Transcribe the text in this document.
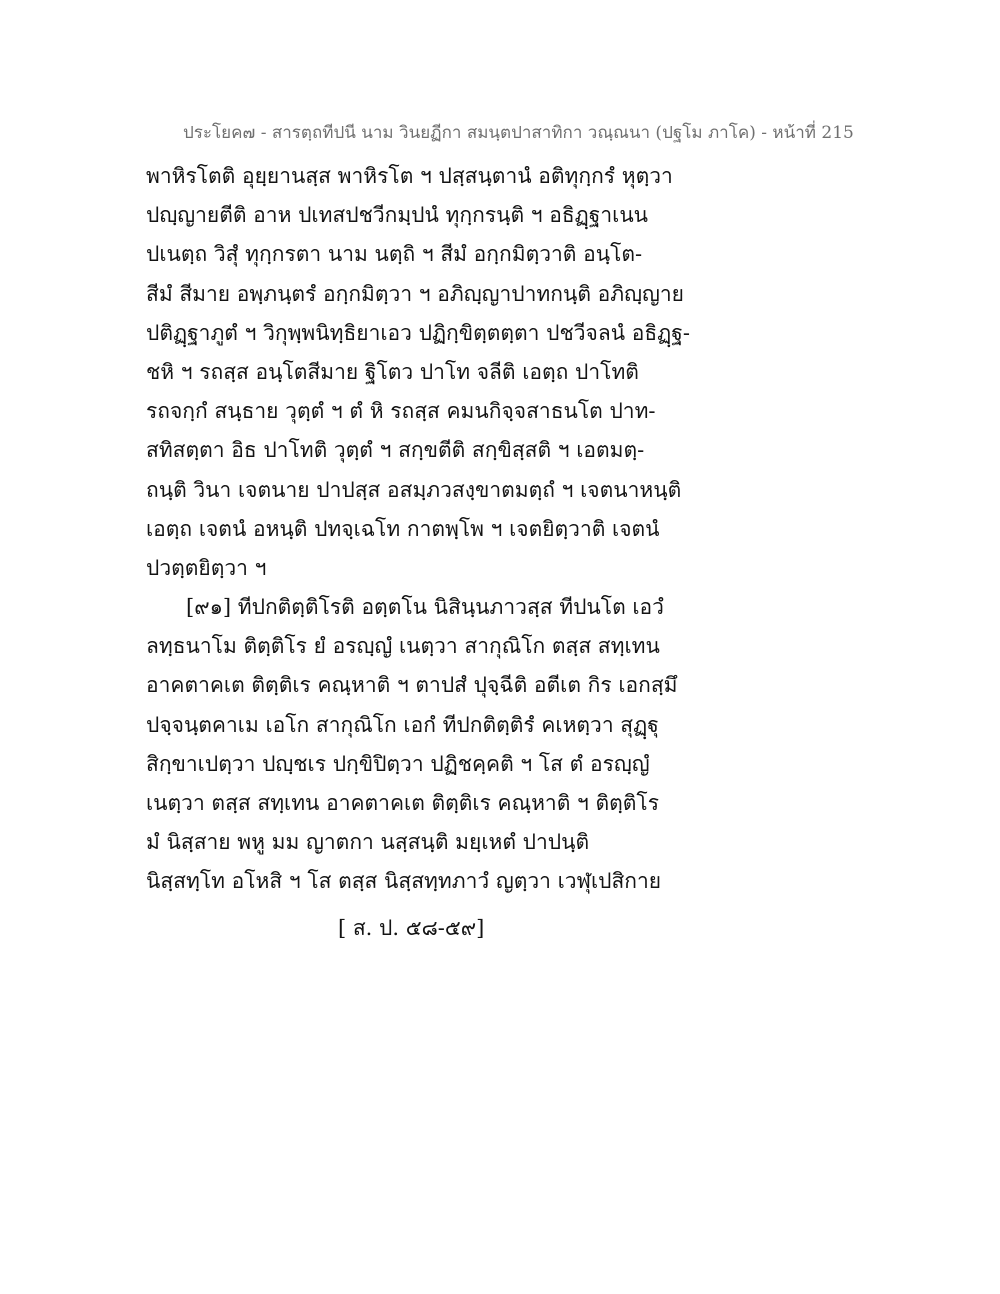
ประโยค๗ - สารตฺถทีปนี นาม วินยฏีกา สมนฺตปาสาทิกา วณฺณนา (ปฐโม ภาโค) - หน้าที่ 215
พาหิรโตติ อุยฺยานสฺส พาหิรโต ฯ ปสฺสนฺตานํ อติทุกฺกรํ หุตฺวา
ปญฺญายตีติ อาห ปเทสปชวีกมฺปนํ ทุกฺกรนฺติ ฯ อธิฏฺฐาเนน
ปเนตฺถ วิสุํ ทุกฺกรตา นาม นตฺถิ ฯ สีมํ อกฺกมิตฺวาติ อนฺโต-
สีมํ สีมาย อพฺภนฺตรํ อกฺกมิตฺวา ฯ อภิญฺญาปาทกนฺติ อภิญฺญาย
ปติฏฺฐาภูตํ ฯ วิกุพฺพนิทฺธิยาเอว ปฏิกฺขิตฺตตฺตา ปชวีจลนํ อธิฏฺฐ-
ชหิ ฯ รถสฺส อนฺโตสีมาย ฐิโตว ปาโท จลีติ เอตฺถ ปาโทติ
รถจกฺกํ สนฺธาย วุตฺตํ ฯ ตํ หิ รถสฺส คมนกิจฺจสาธนโต ปาท-
สทิสตฺตา อิธ ปาโทติ วุตฺตํ ฯ สกฺขตีติ สกฺขิสฺสติ ฯ เอตมตฺ-
ถนฺติ วินา เจตนาย ปาปสฺส อสมฺภวสงฺขาตมตฺถํ ฯ เจตนาหนฺติ
เอตฺถ เจตนํ อหนฺติ ปทจฺเฉโท กาตพฺโพ ฯ เจตยิตฺวาติ เจตนํ
ปวตฺตยิตฺวา ฯ
[๙๑] ทีปกติตฺติโรติ อตฺตโน นิสินฺนภาวสฺส ทีปนโต เอวํ
ลทฺธนาโม ติตฺติโร ยํ อรญฺญํ เนตฺวา สากุณิโก ตสฺส สทฺเทน
อาคตาคเต ติตฺติเร คณฺหาติ ฯ ตาปสํ ปุจฺฉีติ อตีเต กิร เอกสฺมึ
ปจฺจนฺตคาเม เอโก สากุณิโก เอกํ ทีปกติตฺติรํ คเหตฺวา สุฏฺฐุ
สิกฺขาเปตฺวา ปญฺชเร ปกฺขิปิตฺวา ปฏิชคฺคติ ฯ โส ตํ อรญฺญํ
เนตฺวา ตสฺส สทฺเทน อาคตาคเต ติตฺติเร คณฺหาติ ฯ ติตฺติโร
มํ นิสฺสาย พหู มม ญาตกา นสฺสนฺติ มยฺเหตํ ปาปนฺติ
นิสฺสทฺโท อโหสิ ฯ โส ตสฺส นิสฺสทฺทภาวํ ญตฺวา เวฬุเปสิกาย
[ ส. ป. ๕๘-๕๙]
